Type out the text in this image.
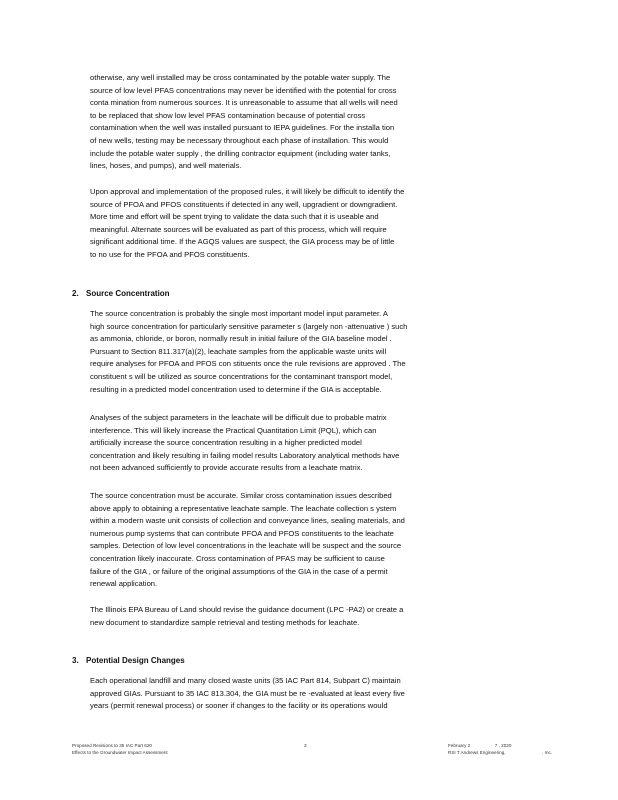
otherwise, any well installed may be cross contaminated by the potable water supply. The
source of low level PFAS concentrations may never be identified with the potential for cross
conta mination from numerous sources. It is unreasonable to assume that all wells will need
to be replaced that show low level PFAS contamination because of potential cross
contamination when the well was installed pursuant to IEPA guidelines. For the installa tion
of new wells, testing may be necessary throughout each phase of installation. This would
include the potable water supply , the drilling contractor equipment (including water tanks,
lines, hoses, and pumps), and well materials.
Upon approval and implementation of the proposed rules, it will likely be difficult to identify the
source of PFOA and PFOS constituents if detected in any well, upgradient or downgradient.
More time and effort will be spent trying to validate the data such that it is useable and
meaningful. Alternate sources will be evaluated as part of this process, which will require
significant additional time. If the AGQS values are suspect, the GIA process may be of little
to no use for the PFOA and PFOS constituents.
2. Source Concentration
The source concentration is probably the single most important model input parameter. A
high source concentration for particularly sensitive parameter s (largely non -attenuative ) such
as ammonia, chloride, or boron, normally result in initial failure of the GIA baseline model .
Pursuant to Section 811.317(a)(2), leachate samples from the applicable waste units will
require analyses for PFOA and PFOS con stituents once the rule revisions are approved . The
constituent s will be utilized as source concentrations for the contaminant transport model,
resulting in a predicted model concentration used to determine if the GIA is acceptable.
Analyses of the subject parameters in the leachate will be difficult due to probable matrix
interference. This will likely increase the Practical Quantitation Limit (PQL), which can
artificially increase the source concentration resulting in a higher predicted model
concentration and likely resulting in failing model results Laboratory analytical methods have
not been advanced sufficiently to provide accurate results from a leachate matrix.
The source concentration must be accurate. Similar cross contamination issues described
above apply to obtaining a representative leachate sample. The leachate collection s ystem
within a modern waste unit consists of collection and conveyance lines, sealing materials, and
numerous pump systems that can contribute PFOA and PFOS constituents to the leachate
samples. Detection of low level concentrations in the leachate will be suspect and the source
concentration likely inaccurate. Cross contamination of PFAS may be sufficient to cause
failure of the GIA , or failure of the original assumptions of the GIA in the case of a permit
renewal application.
The Illinois EPA Bureau of Land should revise the guidance document (LPC -PA2) or create a
new document to standardize sample retrieval and testing methods for leachate.
3. Potential Design Changes
Each operational landfill and many closed waste units (35 IAC Part 814, Subpart C) maintain
approved GIAs. Pursuant to 35 IAC 813.304, the GIA must be re -evaluated at least every five
years (permit renewal process) or sooner if changes to the facility or its operations would
Proposed Revisions to 35 IAC Part 620
Effects to the Groundwater Impact Assessment
3	February 2	7 , 2020
RSI T Andrews Engineering,	, Inc.
